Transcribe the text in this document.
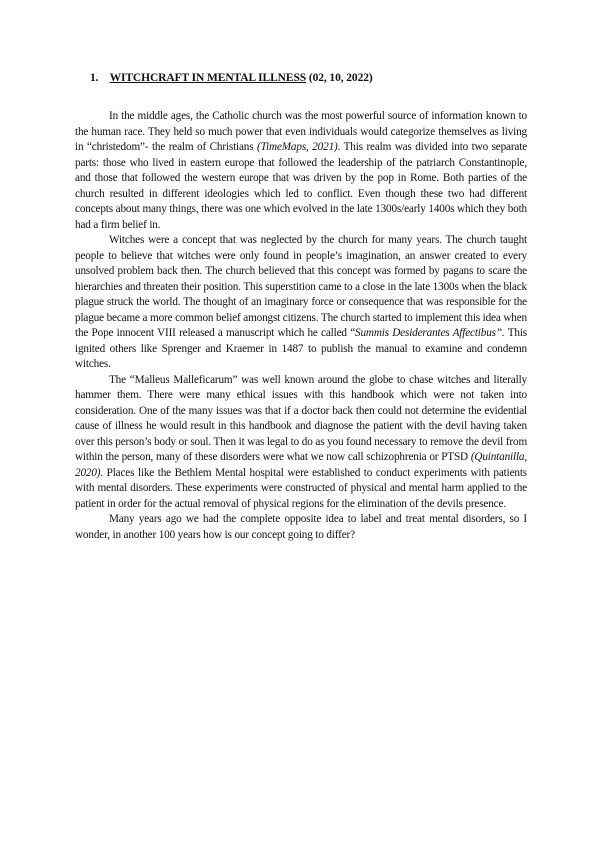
1. WITCHCRAFT IN MENTAL ILLNESS (02, 10, 2022)

In the middle ages, the Catholic church was the most powerful source of information known to the human race. They held so much power that even individuals would categorize themselves as living in “christedom”- the realm of Christians (TimeMaps, 2021). This realm was divided into two separate parts: those who lived in eastern europe that followed the leadership of the patriarch Constantinople, and those that followed the western europe that was driven by the pop in Rome. Both parties of the church resulted in different ideologies which led to conflict. Even though these two had different concepts about many things, there was one which evolved in the late 1300s/early 1400s which they both had a firm belief in.

Witches were a concept that was neglected by the church for many years. The church taught people to believe that witches were only found in people’s imagination, an answer created to every unsolved problem back then. The church believed that this concept was formed by pagans to scare the hierarchies and threaten their position. This superstition came to a close in the late 1300s when the black plague struck the world. The thought of an imaginary force or consequence that was responsible for the plague became a more common belief amongst citizens. The church started to implement this idea when the Pope innocent VIII released a manuscript which he called “Summis Desiderantes Affectibus”. This ignited others like Sprenger and Kraemer in 1487 to publish the manual to examine and condemn witches.

The “Malleus Malleficarum” was well known around the globe to chase witches and literally hammer them. There were many ethical issues with this handbook which were not taken into consideration. One of the many issues was that if a doctor back then could not determine the evidential cause of illness he would result in this handbook and diagnose the patient with the devil having taken over this person’s body or soul. Then it was legal to do as you found necessary to remove the devil from within the person, many of these disorders were what we now call schizophrenia or PTSD (Quintanilla, 2020). Places like the Bethlem Mental hospital were established to conduct experiments with patients with mental disorders. These experiments were constructed of physical and mental harm applied to the patient in order for the actual removal of physical regions for the elimination of the devils presence.

Many years ago we had the complete opposite idea to label and treat mental disorders, so I wonder, in another 100 years how is our concept going to differ?
